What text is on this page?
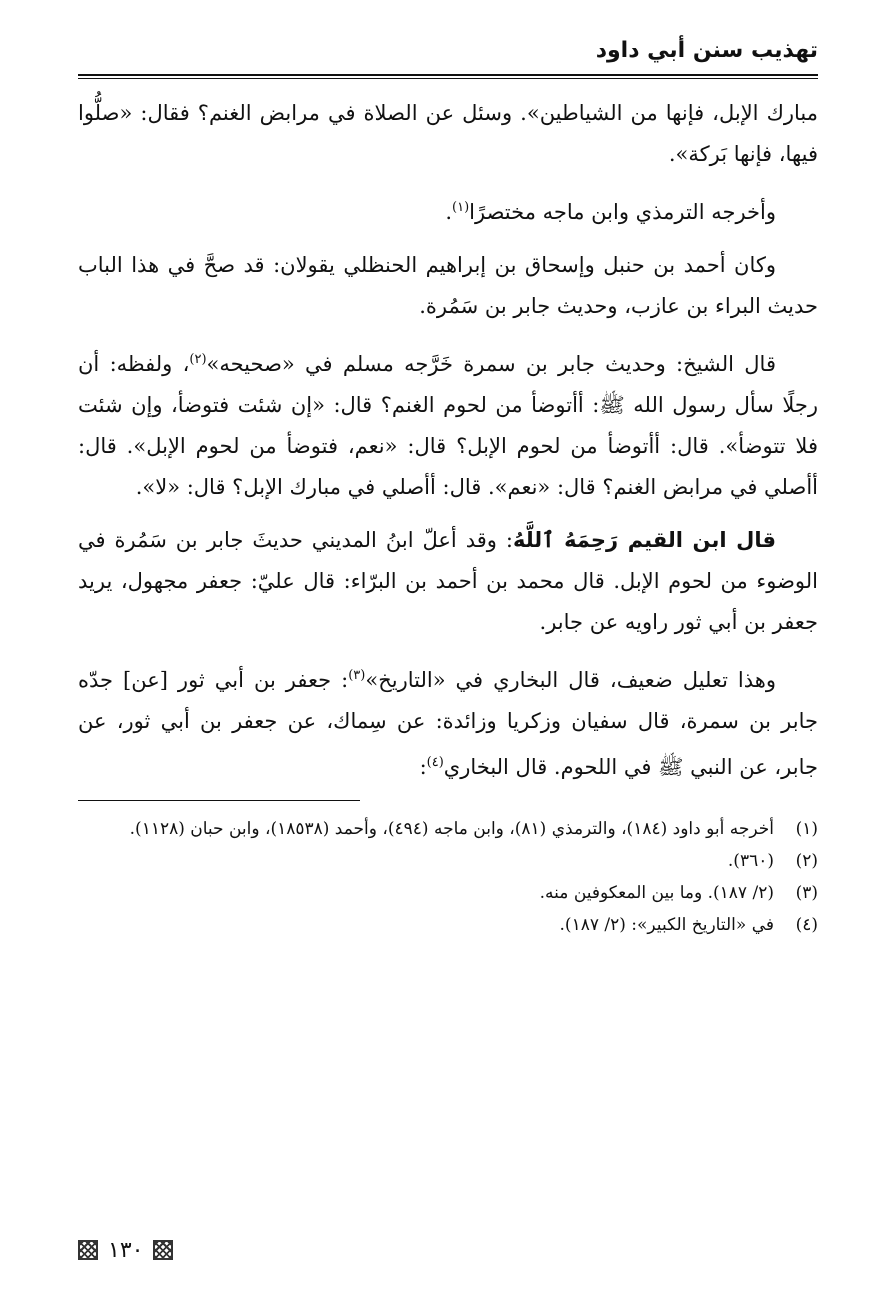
تهذيب سنن أبي داود

مبارك الإبل، فإنها من الشياطين». وسئل عن الصلاة في مرابض الغنم؟ فقال: «صلُّوا فيها، فإنها بَركة».

وأخرجه الترمذي وابن ماجه مختصرًا$^{(١)}$.

وكان أحمد بن حنبل وإسحاق بن إبراهيم الحنظلي يقولان: قد صحَّ في هذا الباب حديث البراء بن عازب، وحديث جابر بن سَمُرة.

قال الشيخ: وحديث جابر بن سمرة خَرَّجه مسلم في «صحيحه»$^{(٢)}$، ولفظه: أن رجلًا سأل رسول الله ﷺ: أأتوضأ من لحوم الغنم؟ قال: «إن شئت فتوضأ، وإن شئت فلا تتوضأ». قال: أأتوضأ من لحوم الإبل؟ قال: «نعم، فتوضأ من لحوم الإبل». قال: أأصلي في مرابض الغنم؟ قال: «نعم». قال: أأصلي في مبارك الإبل؟ قال: «لا».

قال ابن القيم رَحِمَهُ ٱللَّهُ: وقد أعلّ ابنُ المديني حديثَ جابر بن سَمُرة في الوضوء من لحوم الإبل. قال محمد بن أحمد بن البرّاء: قال عليّ: جعفر مجهول، يريد جعفر بن أبي ثور راويه عن جابر.

وهذا تعليل ضعيف، قال البخاري في «التاريخ»$^{(٣)}$: جعفر بن أبي ثور [عن] جدّه جابر بن سمرة، قال سفيان وزكريا وزائدة: عن سِماك، عن جعفر بن أبي ثور، عن جابر، عن النبي ﷺ في اللحوم. قال البخاري$^{(٤)}$:

(١)
أخرجه أبو داود (١٨٤)، والترمذي (٨١)، وابن ماجه (٤٩٤)، وأحمد (١٨٥٣٨)، وابن حبان (١١٢٨).
(٢)
(٣٦٠).
(٣)
(٢/ ١٨٧). وما بين المعكوفين منه.
(٤)
في «التاريخ الكبير»: (٢/ ١٨٧).
١٣٠
